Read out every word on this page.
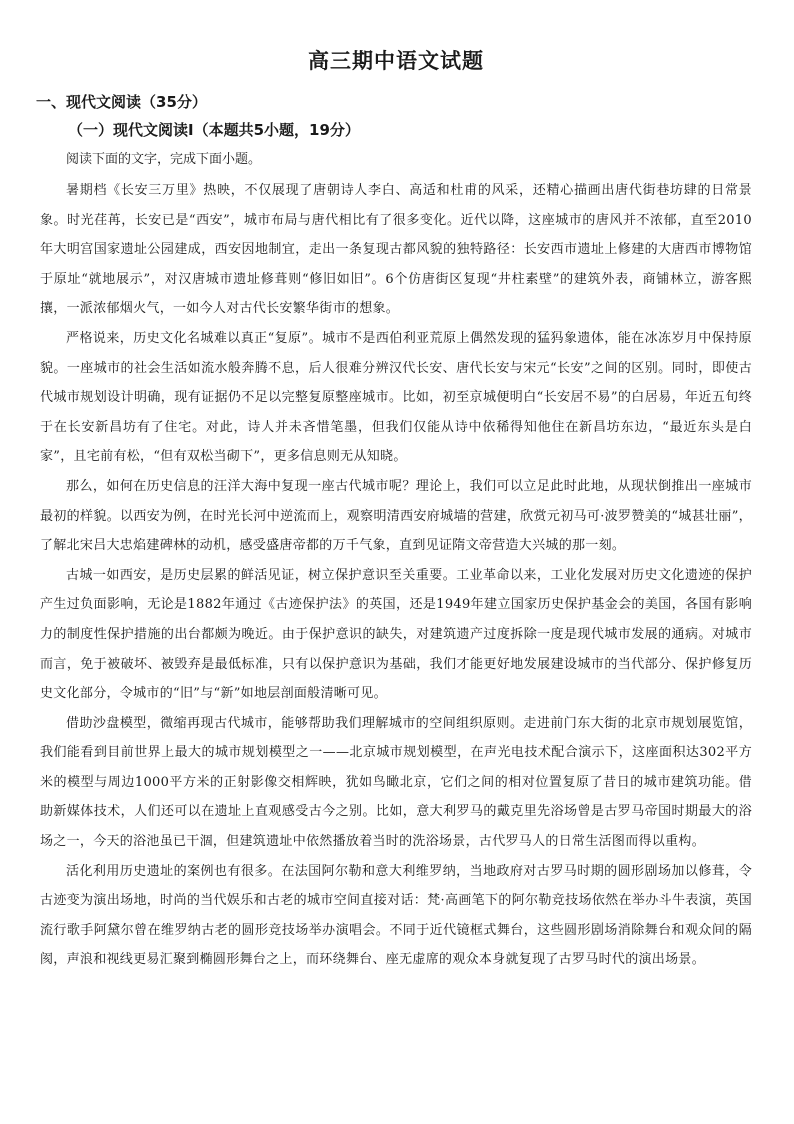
高三期中语文试题
一、现代文阅读（35分）
（一）现代文阅读Ⅰ（本题共5小题，19分）

阅读下面的文字，完成下面小题。

暑期档《长安三万里》热映，不仅展现了唐朝诗人李白、高适和杜甫的风采，还精心描画出唐代街巷坊肆的日常景象。时光荏苒，长安已是“西安”，城市布局与唐代相比有了很多变化。近代以降，这座城市的唐风并不浓郁，直至2010年大明宫国家遗址公园建成，西安因地制宜，走出一条复现古都风貌的独特路径：长安西市遗址上修建的大唐西市博物馆于原址“就地展示”，对汉唐城市遗址修葺则“修旧如旧”。6个仿唐街区复现“井柱素壁”的建筑外表，商铺林立，游客熙攘，一派浓郁烟火气，一如今人对古代长安繁华街市的想象。

严格说来，历史文化名城难以真正“复原”。城市不是西伯利亚荒原上偶然发现的猛犸象遗体，能在冰冻岁月中保持原貌。一座城市的社会生活如流水般奔腾不息，后人很难分辨汉代长安、唐代长安与宋元“长安”之间的区别。同时，即使古代城市规划设计明确，现有证据仍不足以完整复原整座城市。比如，初至京城便明白“长安居不易”的白居易，年近五旬终于在长安新昌坊有了住宅。对此，诗人并未吝惜笔墨，但我们仅能从诗中依稀得知他住在新昌坊东边，“最近东头是白家”，且宅前有松，“但有双松当砌下”，更多信息则无从知晓。

那么，如何在历史信息的汪洋大海中复现一座古代城市呢？理论上，我们可以立足此时此地，从现状倒推出一座城市最初的样貌。以西安为例，在时光长河中逆流而上，观察明清西安府城墙的营建，欣赏元初马可·波罗赞美的“城甚壮丽”，了解北宋吕大忠焰建碑林的动机，感受盛唐帝都的万千气象，直到见证隋文帝营造大兴城的那一刻。

古城一如西安，是历史层累的鲜活见证，树立保护意识至关重要。工业革命以来，工业化发展对历史文化遗迹的保护产生过负面影响，无论是1882年通过《古迹保护法》的英国，还是1949年建立国家历史保护基金会的美国，各国有影响力的制度性保护措施的出台都颇为晚近。由于保护意识的缺失，对建筑遗产过度拆除一度是现代城市发展的通病。对城市而言，免于被破坏、被毁弃是最低标准，只有以保护意识为基础，我们才能更好地发展建设城市的当代部分、保护修复历史文化部分，令城市的“旧”与“新”如地层剖面般清晰可见。

借助沙盘模型，微缩再现古代城市，能够帮助我们理解城市的空间组织原则。走进前门东大街的北京市规划展览馆，我们能看到目前世界上最大的城市规划模型之一——北京城市规划模型，在声光电技术配合演示下，这座面积达302平方米的模型与周边1000平方米的正射影像交相辉映，犹如鸟瞰北京，它们之间的相对位置复原了昔日的城市建筑功能。借助新媒体技术，人们还可以在遗址上直观感受古今之别。比如，意大利罗马的戴克里先浴场曾是古罗马帝国时期最大的浴场之一，今天的浴池虽已干涸，但建筑遗址中依然播放着当时的洗浴场景，古代罗马人的日常生活图而得以重构。

活化利用历史遗址的案例也有很多。在法国阿尔勒和意大利维罗纳，当地政府对古罗马时期的圆形剧场加以修葺，令古迹变为演出场地，时尚的当代娱乐和古老的城市空间直接对话：梵·高画笔下的阿尔勒竞技场依然在举办斗牛表演，英国流行歌手阿黛尔曾在维罗纳古老的圆形竞技场举办演唱会。不同于近代镜框式舞台，这些圆形剧场消除舞台和观众间的隔阂，声浪和视线更易汇聚到椭圆形舞台之上，而环绕舞台、座无虚席的观众本身就复现了古罗马时代的演出场景。
